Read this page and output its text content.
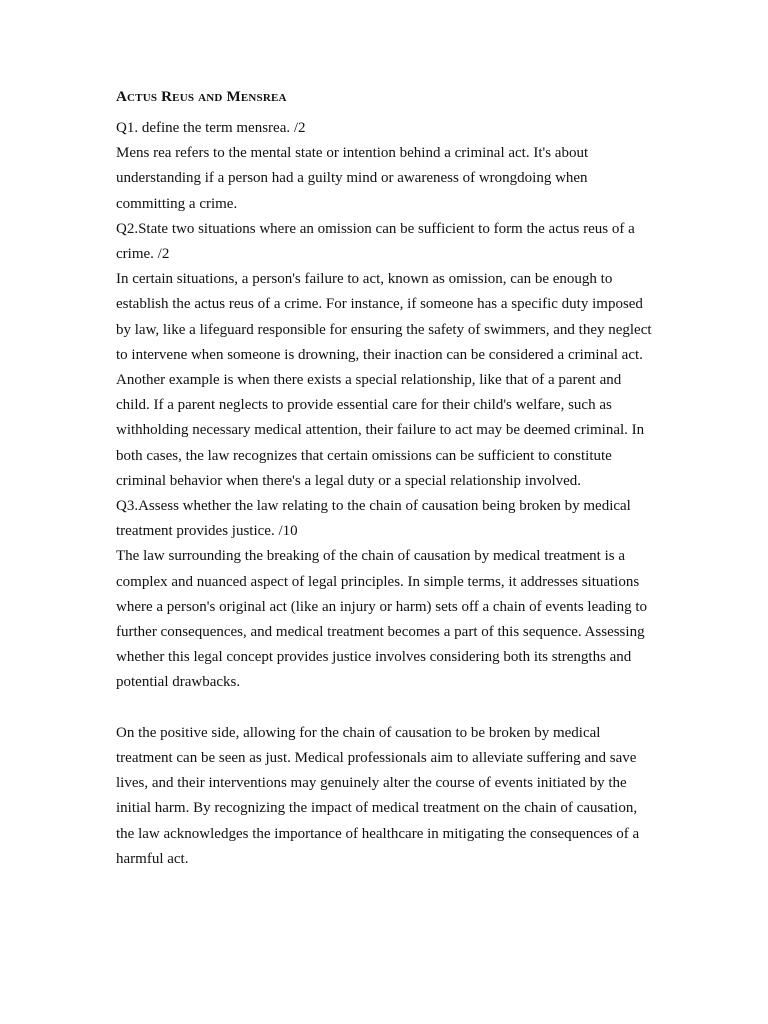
Actus Reus and Mensrea

Q1. define the term mensrea. /2

Mens rea refers to the mental state or intention behind a criminal act. It's about understanding if a person had a guilty mind or awareness of wrongdoing when committing a crime.

Q2.State two situations where an omission can be sufficient to form the actus reus of a crime. /2

In certain situations, a person's failure to act, known as omission, can be enough to establish the actus reus of a crime. For instance, if someone has a specific duty imposed by law, like a lifeguard responsible for ensuring the safety of swimmers, and they neglect to intervene when someone is drowning, their inaction can be considered a criminal act. Another example is when there exists a special relationship, like that of a parent and child. If a parent neglects to provide essential care for their child's welfare, such as withholding necessary medical attention, their failure to act may be deemed criminal. In both cases, the law recognizes that certain omissions can be sufficient to constitute criminal behavior when there's a legal duty or a special relationship involved.

Q3.Assess whether the law relating to the chain of causation being broken by medical treatment provides justice. /10

The law surrounding the breaking of the chain of causation by medical treatment is a complex and nuanced aspect of legal principles. In simple terms, it addresses situations where a person's original act (like an injury or harm) sets off a chain of events leading to further consequences, and medical treatment becomes a part of this sequence. Assessing whether this legal concept provides justice involves considering both its strengths and potential drawbacks.

On the positive side, allowing for the chain of causation to be broken by medical treatment can be seen as just. Medical professionals aim to alleviate suffering and save lives, and their interventions may genuinely alter the course of events initiated by the initial harm. By recognizing the impact of medical treatment on the chain of causation, the law acknowledges the importance of healthcare in mitigating the consequences of a harmful act.
